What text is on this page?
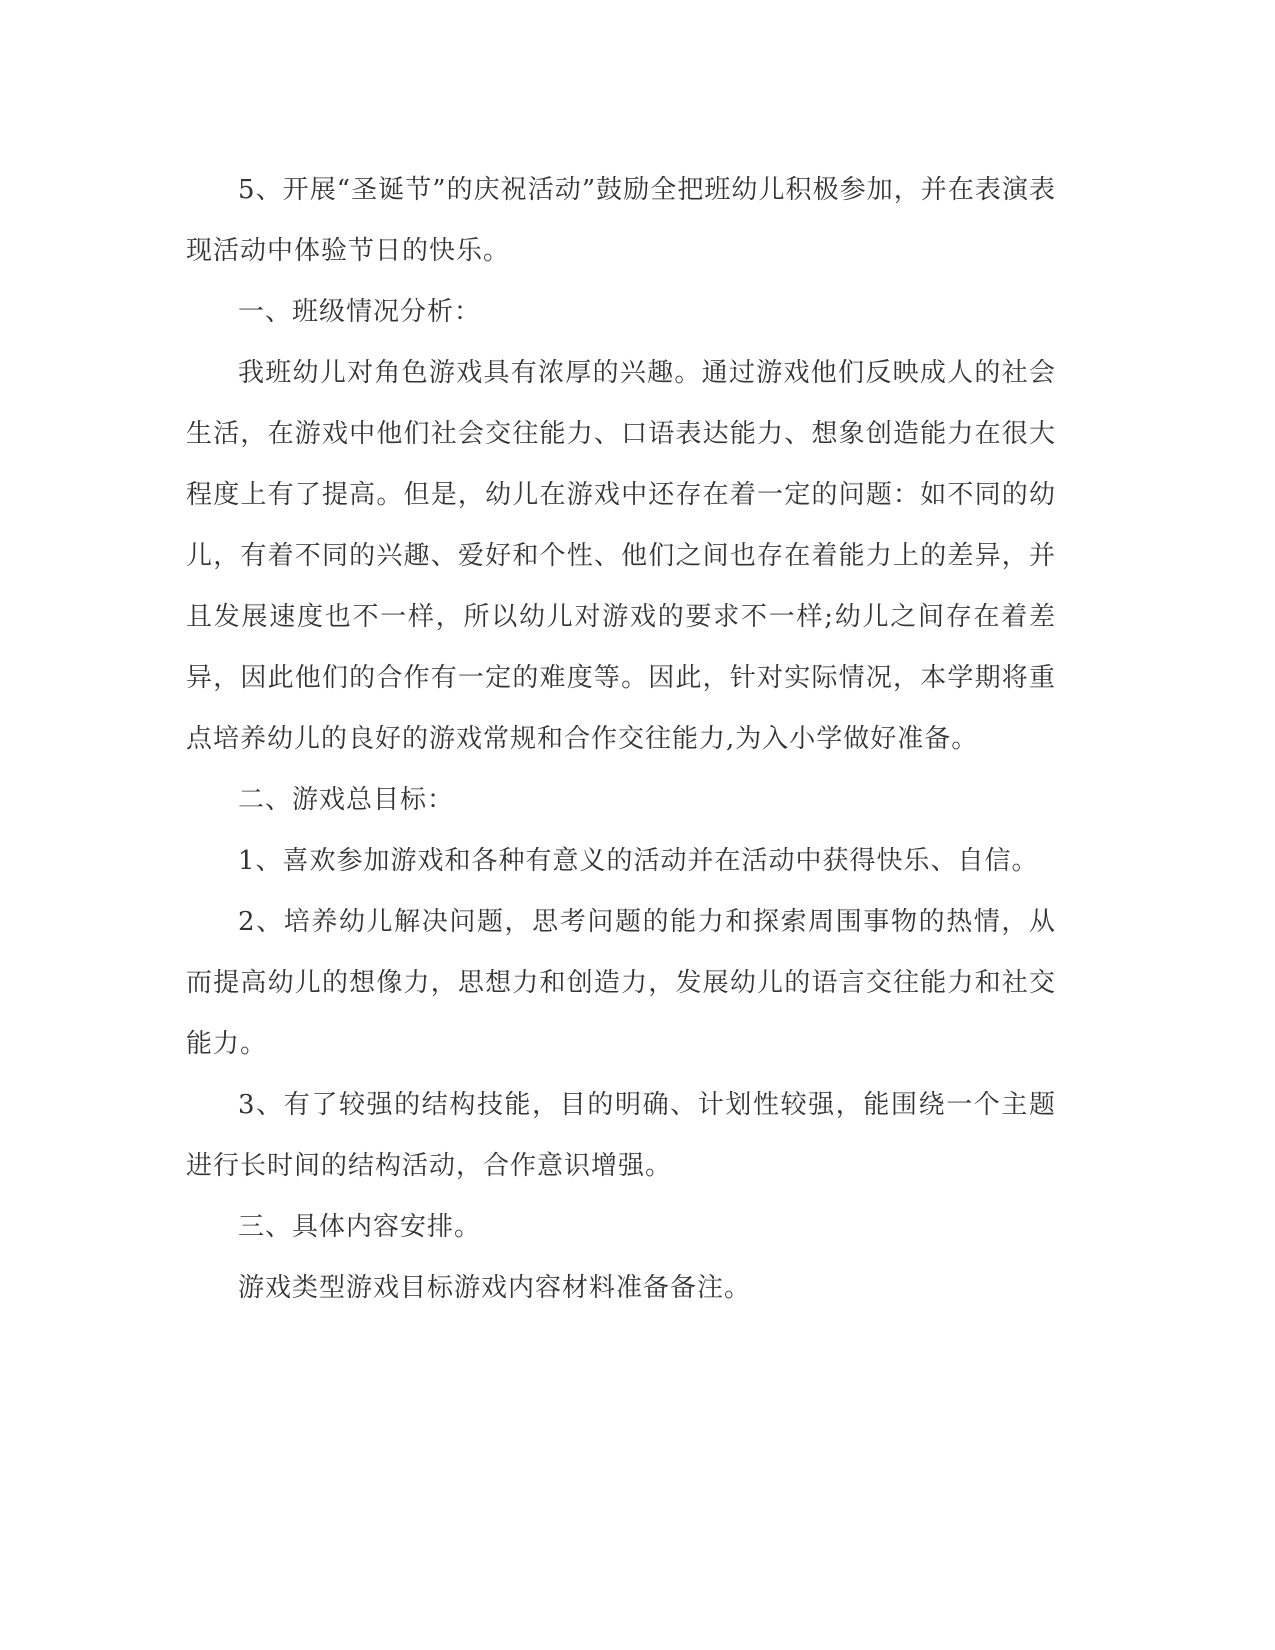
5、开展“圣诞节”的庆祝活动”鼓励全把班幼儿积极参加，并在表演表现活动中体验节日的快乐。

一、班级情况分析：

我班幼儿对角色游戏具有浓厚的兴趣。通过游戏他们反映成人的社会生活，在游戏中他们社会交往能力、口语表达能力、想象创造能力在很大程度上有了提高。但是，幼儿在游戏中还存在着一定的问题：如不同的幼儿，有着不同的兴趣、爱好和个性、他们之间也存在着能力上的差异，并且发展速度也不一样，所以幼儿对游戏的要求不一样;幼儿之间存在着差异，因此他们的合作有一定的难度等。因此，针对实际情况，本学期将重点培养幼儿的良好的游戏常规和合作交往能力,为入小学做好准备。

二、游戏总目标：

1、喜欢参加游戏和各种有意义的活动并在活动中获得快乐、自信。

2、培养幼儿解决问题，思考问题的能力和探索周围事物的热情，从而提高幼儿的想像力，思想力和创造力，发展幼儿的语言交往能力和社交能力。

3、有了较强的结构技能，目的明确、计划性较强，能围绕一个主题进行长时间的结构活动，合作意识增强。

三、具体内容安排。

游戏类型游戏目标游戏内容材料准备备注。
